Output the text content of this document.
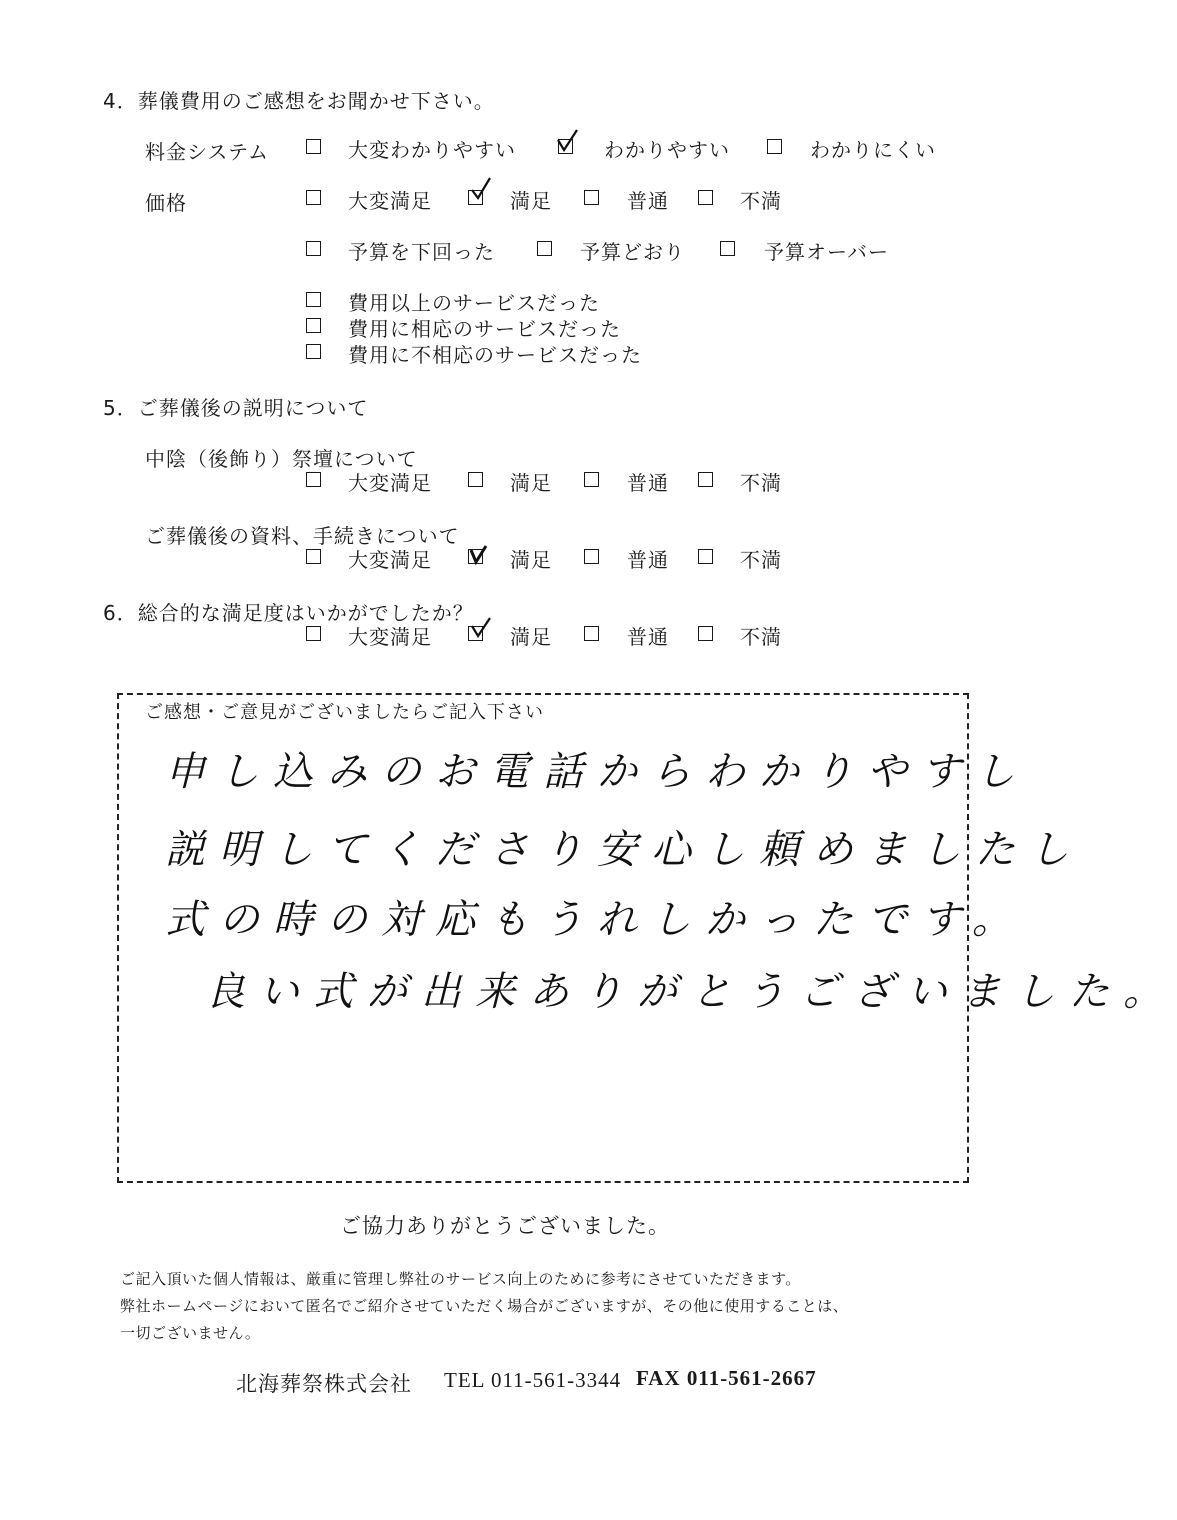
4．葬儀費用のご感想をお聞かせ下さい。
料金システム	大変わかりやすい	わかりやすい	わかりにくい
価格	大変満足	満足	普通	不満
予算を下回った	予算どおり	予算オーバー
費用以上のサービスだった
費用に相応のサービスだった
費用に不相応のサービスだった
5．ご葬儀後の説明について
中陰（後飾り）祭壇について
大変満足	満足	普通	不満
ご葬儀後の資料、手続きについて
大変満足	満足	普通	不満
6．総合的な満足度はいかがでしたか？
大変満足	満足	普通	不満
ご感想・ご意見がございましたらご記入下さい
申し込みのお電話からわかりやすし
説明してくださり安心し頼めましたし
式の時の対応もうれしかったです。
良い式が出来ありがとうございました。
ご協力ありがとうございました。
ご記入頂いた個人情報は、厳重に管理し弊社のサービス向上のために参考にさせていただきます。
弊社ホームページにおいて匿名でご紹介させていただく場合がございますが、その他に使用することは、
一切ございません。
北海葬祭株式会社 TEL 011-561-3344 FAX 011-561-2667
